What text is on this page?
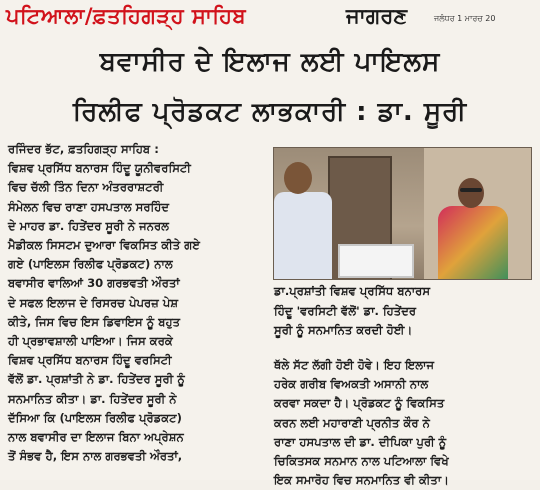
ਪਟਿਆਲਾ/ਫ਼ਤਹਿਗੜ੍ਹ ਸਾਹਿਬ	ਜਾਗਰਣ	ਜਲੰਧਰ 1 ਮਾਰਚ 20
ਬਵਾਸੀਰ ਦੇ ਇਲਾਜ ਲਈ ਪਾਇਲਸ
ਰਿਲੀਫ ਪ੍ਰੋਡਕਟ ਲਾਭਕਾਰੀ : ਡਾ. ਸੂਰੀ

ਰਜਿੰਦਰ ਭੱਟ, ਫ਼ਤਹਿਗੜ੍ਹ ਸਾਹਿਬ :

ਵਿਸ਼ਵ ਪ੍ਰਸਿੱਧ ਬਨਾਰਸ ਹਿੰਦੂ ਯੂਨੀਵਰਸਿਟੀ

ਵਿਚ ਚੱਲੀ ਤਿੰਨ ਦਿਨਾ ਅੰਤਰਰਾਸ਼ਟਰੀ

ਸੰਮੇਲਨ ਵਿਚ ਰਾਣਾ ਹਸਪਤਾਲ ਸਰਹਿੰਦ

ਦੇ ਮਾਹਰ ਡਾ. ਹਿਤੇਂਦਰ ਸੂਰੀ ਨੇ ਜਨਰਲ

ਮੈਡੀਕਲ ਸਿਸਟਮ ਦੁਆਰਾ ਵਿਕਸਿਤ ਕੀਤੇ ਗਏ

ਗਏ (ਪਾਇਲਸ ਰਿਲੀਫ ਪ੍ਰੋਡਕਟ) ਨਾਲ

ਬਵਾਸੀਰ ਵਾਲਿਆਂ 30 ਗਰਭਵਤੀ ਔਰਤਾਂ

ਦੇ ਸਫਲ ਇਲਾਜ ਦੇ ਰਿਸਰਚ ਪੇਪਰਜ਼ ਪੇਸ਼

ਕੀਤੇ, ਜਿਸ ਵਿਚ ਇਸ ਡਿਵਾਇਸ ਨੂੰ ਬਹੁਤ

ਹੀ ਪ੍ਰਭਾਵਸ਼ਾਲੀ ਪਾਇਆ। ਜਿਸ ਕਰਕੇ

ਵਿਸ਼ਵ ਪ੍ਰਸਿੱਧ ਬਨਾਰਸ ਹਿੰਦੂ ਵਰਸਿਟੀ

ਵੱਲੋਂ ਡਾ. ਪ੍ਰਸ਼ਾਂਤੀ ਨੇ ਡਾ. ਹਿਤੇਂਦਰ ਸੂਰੀ ਨੂੰ

ਸਨਮਾਨਿਤ ਕੀਤਾ। ਡਾ. ਹਿਤੇਂਦਰ ਸੂਰੀ ਨੇ

ਦੱਸਿਆ ਕਿ (ਪਾਇਲਸ ਰਿਲੀਫ ਪ੍ਰੋਡਕਟ)

ਨਾਲ ਬਵਾਸੀਰ ਦਾ ਇਲਾਜ ਬਿਨਾ ਅਪ੍ਰੇਸ਼ਨ

ਤੋਂ ਸੰਭਵ ਹੈ, ਇਸ ਨਾਲ ਗਰਭਵਤੀ ਔਰਤਾਂ,

ਡਾ.ਪ੍ਰਸ਼ਾਂਤੀ ਵਿਸ਼ਵ ਪ੍ਰਸਿੱਧ ਬਨਾਰਸ

ਹਿੰਦੂ 'ਵਰਸਿਟੀ ਵੱਲੋਂ' ਡਾ. ਹਿਤੇਂਦਰ

ਸੂਰੀ ਨੂੰ ਸਨਮਾਨਿਤ ਕਰਦੀ ਹੋਈ।

ਥੱਲੇ ਸੱਟ ਲੱਗੀ ਹੋਈ ਹੋਵੇ। ਇਹ ਇਲਾਜ

ਹਰੇਕ ਗਰੀਬ ਵਿਅਕਤੀ ਅਸਾਨੀ ਨਾਲ

ਕਰਵਾ ਸਕਦਾ ਹੈ। ਪ੍ਰੋਡਕਟ ਨੂੰ ਵਿਕਸਿਤ

ਕਰਨ ਲਈ ਮਹਾਰਾਣੀ ਪ੍ਰਨੀਤ ਕੌਰ ਨੇ

ਰਾਣਾ ਹਸਪਤਾਲ ਦੀ ਡਾ. ਦੀਪਿਕਾ ਪੁਰੀ ਨੂੰ

ਚਿਕਿਤਸਕ ਸਨਮਾਨ ਨਾਲ ਪਟਿਆਲਾ ਵਿਖੇ

ਇਕ ਸਮਾਰੋਹ ਵਿਚ ਸਨਮਾਨਿਤ ਵੀ ਕੀਤਾ।
